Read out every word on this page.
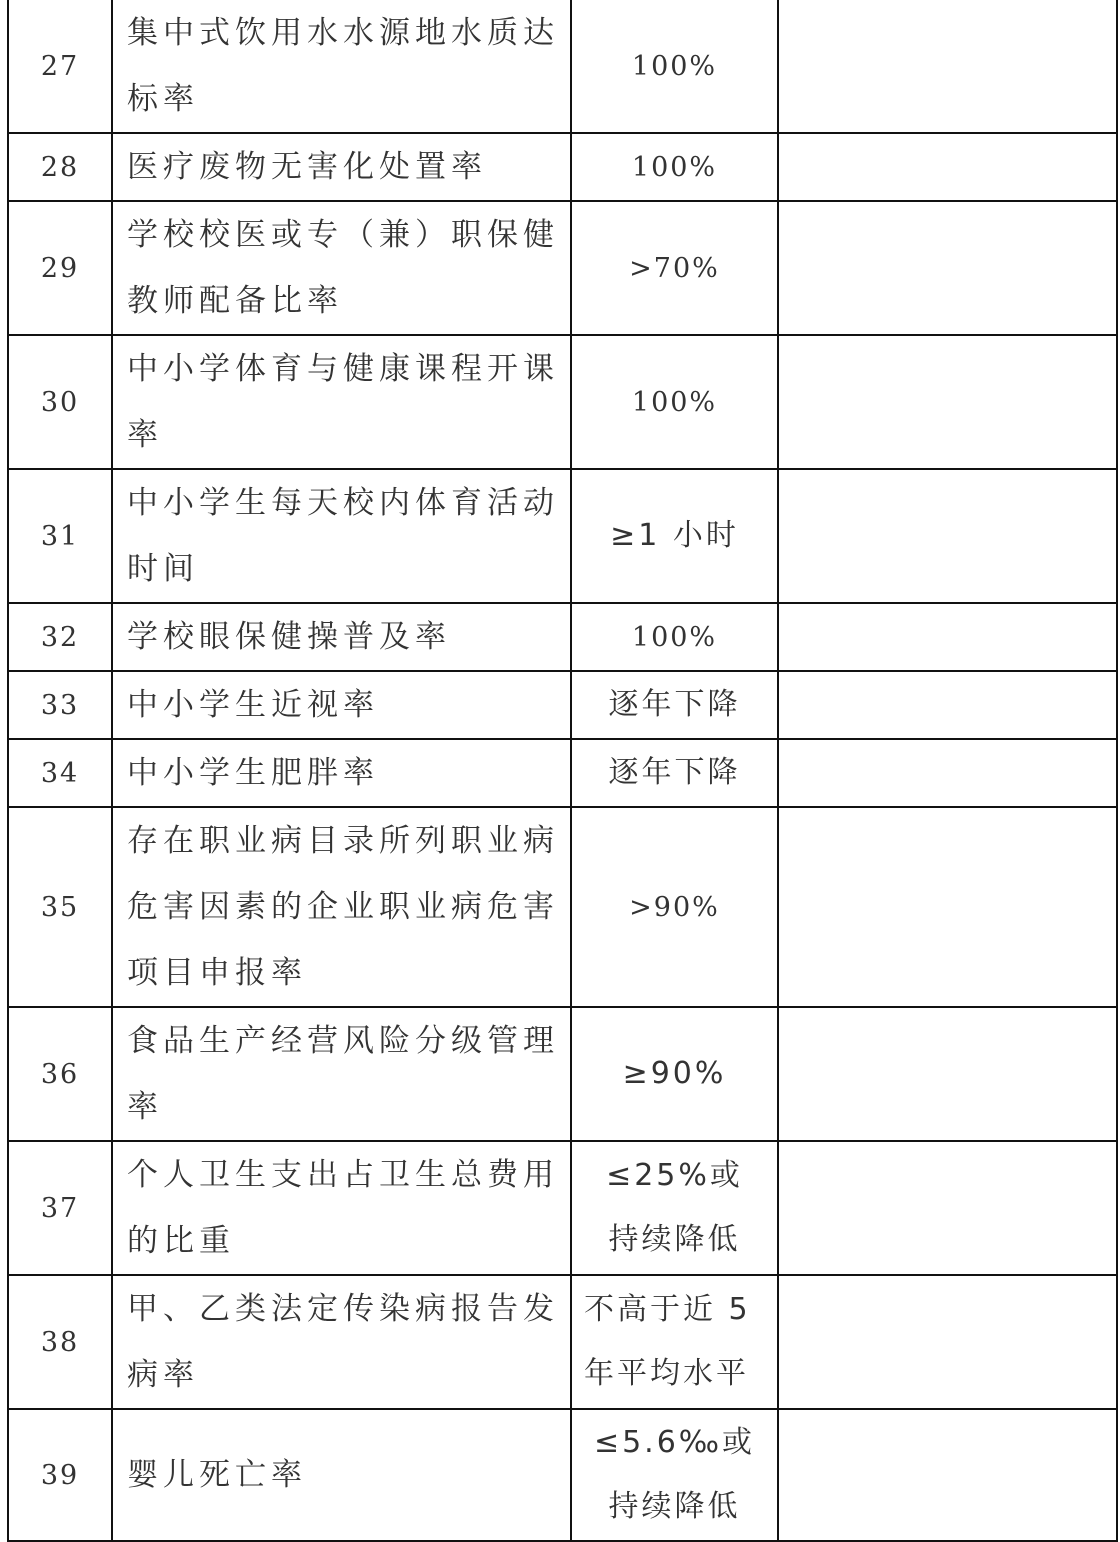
27	集中式饮用水水源地水质达标率	100%	
28	医疗废物无害化处置率	100%	
29	学校校医或专（兼）职保健教师配备比率	>70%	
30	中小学体育与健康课程开课率	100%	
31	中小学生每天校内体育活动时间	≥1 小时	
32	学校眼保健操普及率	100%	
33	中小学生近视率	逐年下降	
34	中小学生肥胖率	逐年下降	
35	存在职业病目录所列职业病危害因素的企业职业病危害项目申报率	>90%	
36	食品生产经营风险分级管理率	≥90%	
37	个人卫生支出占卫生总费用的比重	≤25%或持续降低	
38	甲、乙类法定传染病报告发病率	不高于近 5 年平均水平	
39	婴儿死亡率	≤5.6‰或持续降低	
